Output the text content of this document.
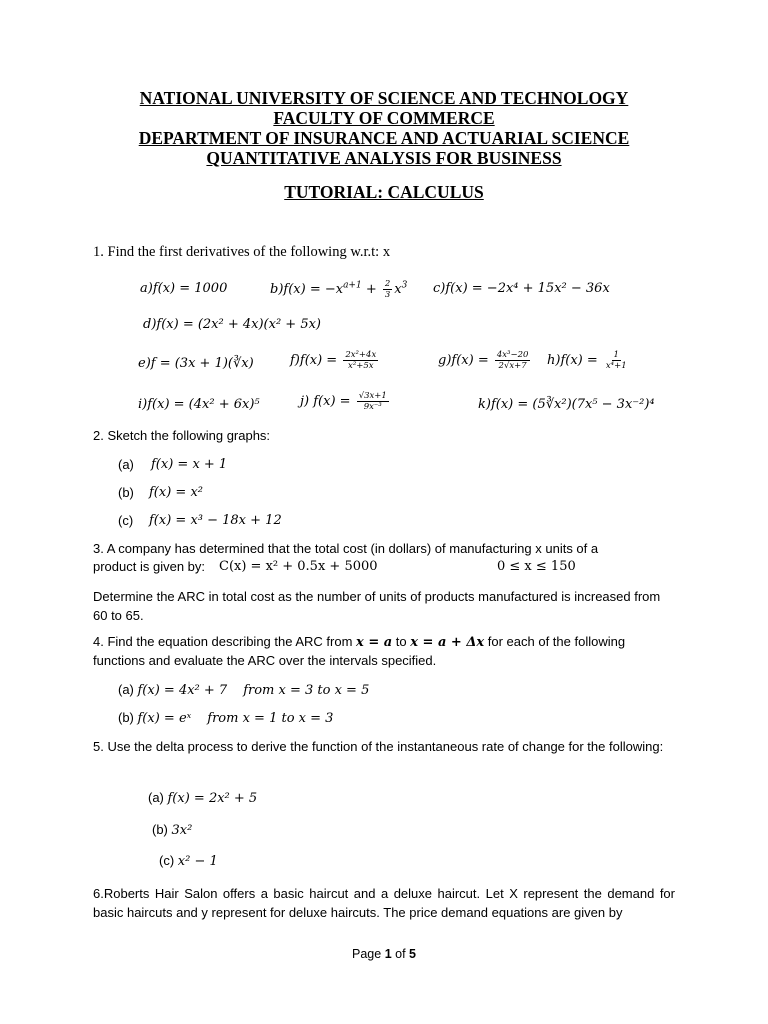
NATIONAL UNIVERSITY OF SCIENCE AND TECHNOLOGY
FACULTY OF COMMERCE
DEPARTMENT OF INSURANCE AND ACTUARIAL SCIENCE
QUANTITATIVE ANALYSIS FOR BUSINESS
TUTORIAL: CALCULUS
1. Find the first derivatives of the following w.r.t: x
a)f(x) = 1000	$b)f(x) = -x^{a+1} + \frac{2}{3} x^3$ c)f(x) = −2x⁴ + 15x² − 36x
d)f(x) = (2x² + 4x)(x² + 5x)
e)f = (3x + 1)(∛x)	$f)f(x) = \frac{\text{2x²+4x}}{\text{x²+5x}}$	$g)f(x) = \frac{\text{4x³−20}}{2√x+7} h)f(x) = \frac{1}{\text{x⁴+1}}$
i)f(x) = (4x² + 6x)⁵	j) $f(x) = \frac{√3x+1}{\text{9x⁻³}}$	k)f(x) = (5∛x²)(7x⁵ − 3x⁻²)⁴
2. Sketch the following graphs:
(a) f(x) = x + 1
(b) f(x) = x²
(c) f(x) = x³ − 18x + 12
3. A company has determined that the total cost (in dollars) of manufacturing x units of a
product is given by: C(x) = x² + 0.5x + 5000	0 ≤ x ≤ 150
Determine the ARC in total cost as the number of units of products manufactured is increased from 60 to 65.
4. Find the equation describing the ARC from x = a to x = a + Δx for each of the following
functions and evaluate the ARC over the intervals specified.
(a) f(x) = 4x² + 7 from x = 3 to x = 5
(b) f(x) = eˣ from x = 1 to x = 3
5. Use the delta process to derive the function of the instantaneous rate of change for the following:
(a) f(x) = 2x² + 5
(b) 3x²
(c) x² − 1
6.Roberts Hair Salon offers a basic haircut and a deluxe haircut. Let X represent the demand for basic haircuts and y represent for deluxe haircuts. The price demand equations are given by
Page 1 of 5
